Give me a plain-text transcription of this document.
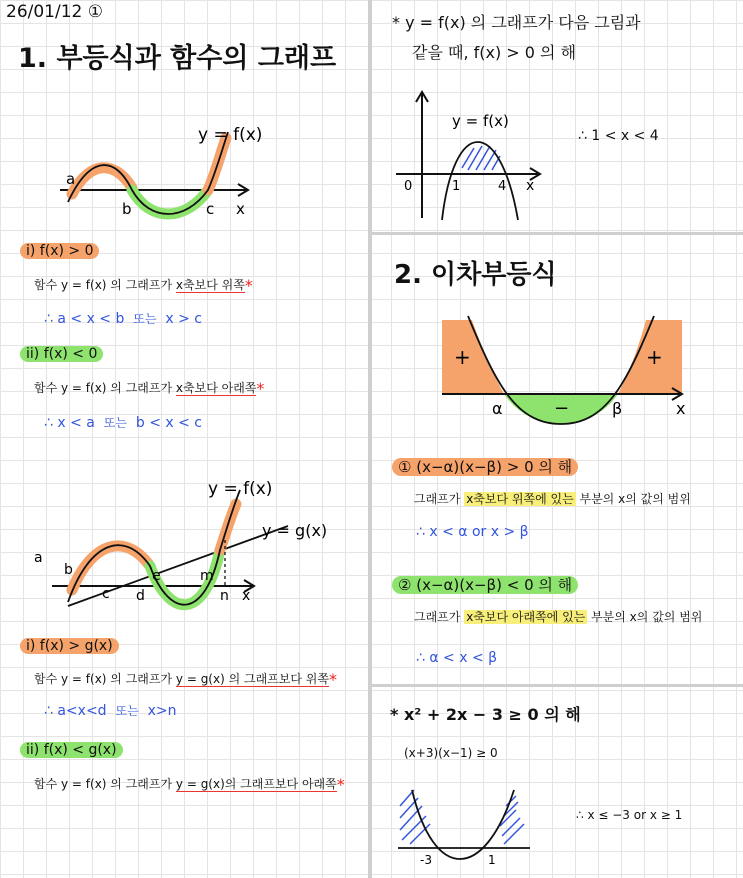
26/01/12 ①
1. 부등식과 함수의 그래프
y = f(x)
a
b	c x
i) f(x) > 0
함수 y = f(x) 의 그래프가 x축보다 위쪽*
∴ a < x < b 또는 x > c
ii) f(x) < 0
함수 y = f(x) 의 그래프가 x축보다 아래쪽*
∴ x < a 또는 b < x < c
y = f(x)
y = g(x)
a
b
c d
e	m
n x
i) f(x) > g(x)
함수 y = f(x) 의 그래프가 y = g(x) 의 그래프보다 위쪽*
∴ a<x<d 또는 x>n
ii) f(x) < g(x)
함수 y = f(x) 의 그래프가 y = g(x)의 그래프보다 아래쪽*
* y = f(x) 의 그래프가 다음 그림과
같을 때, f(x) > 0 의 해
y = f(x)
0	1	4 x
∴ 1 < x < 4
2. 이차부등식
+
−
+
α	β	x
① (x−α)(x−β) > 0 의 해
그래프가 x축보다 위쪽에 있는 부분의 x의 값의 범위
∴ x < α or x > β
② (x−α)(x−β) < 0 의 해
그래프가 x축보다 아래쪽에 있는 부분의 x의 값의 범위
∴ α < x < β
* x² + 2x − 3 ≥ 0 의 해
(x+3)(x−1) ≥ 0
-3	1
∴ x ≤ −3 or x ≥ 1
